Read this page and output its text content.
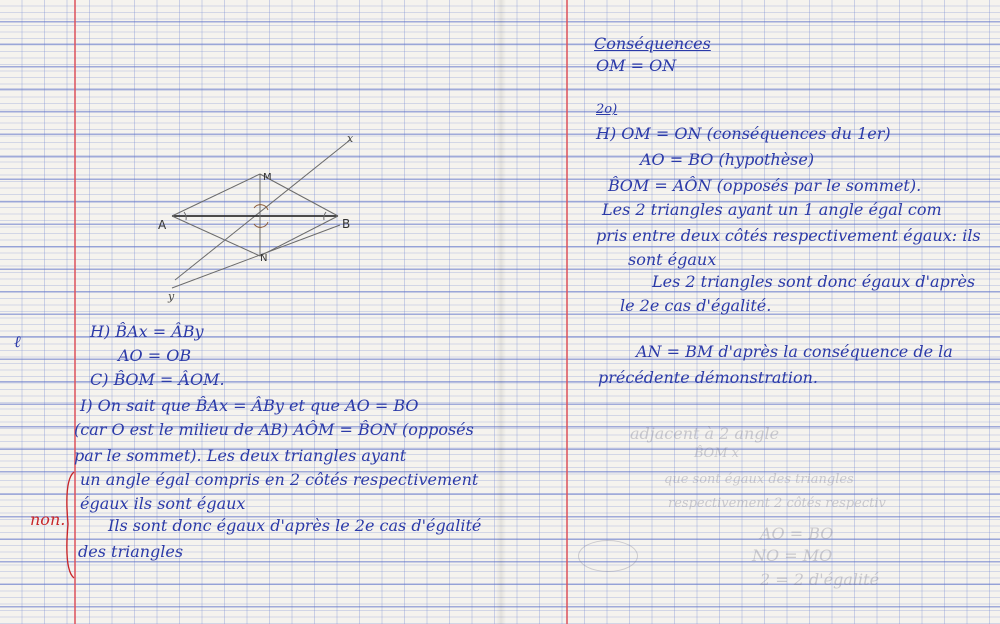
x
y
A	B
M
N
ℓ
H) B̂Ax = ÂBy
AO = OB
C) B̂OM = ÂOM.
I) On sait que B̂Ax = ÂBy et que AO = BO
(car O est le milieu de AB) AÔM = B̂ON (opposés
par le sommet). Les deux triangles ayant
un angle égal compris en 2 côtés respectivement
égaux ils sont égaux
Ils sont donc égaux d'après le 2e cas d'égalité
des triangles
non.
Conséquences
OM = ON
2o)
H) OM = ON (conséquences du 1er)
AO = BO (hypothèse)
B̂OM = AÔN (opposés par le sommet).
Les 2 triangles ayant un 1 angle égal com
pris entre deux côtés respectivement égaux: ils
sont égaux
Les 2 triangles sont donc égaux d'après
le 2e cas d'égalité.
AN = BM d'après la conséquence de la
précédente démonstration.
adjacent à 2 angle
B̂OM x
que sont égaux des triangles
respectivement 2 côtés respectiv
AO = BO
NO = MO
2 = 2 d'égalité
